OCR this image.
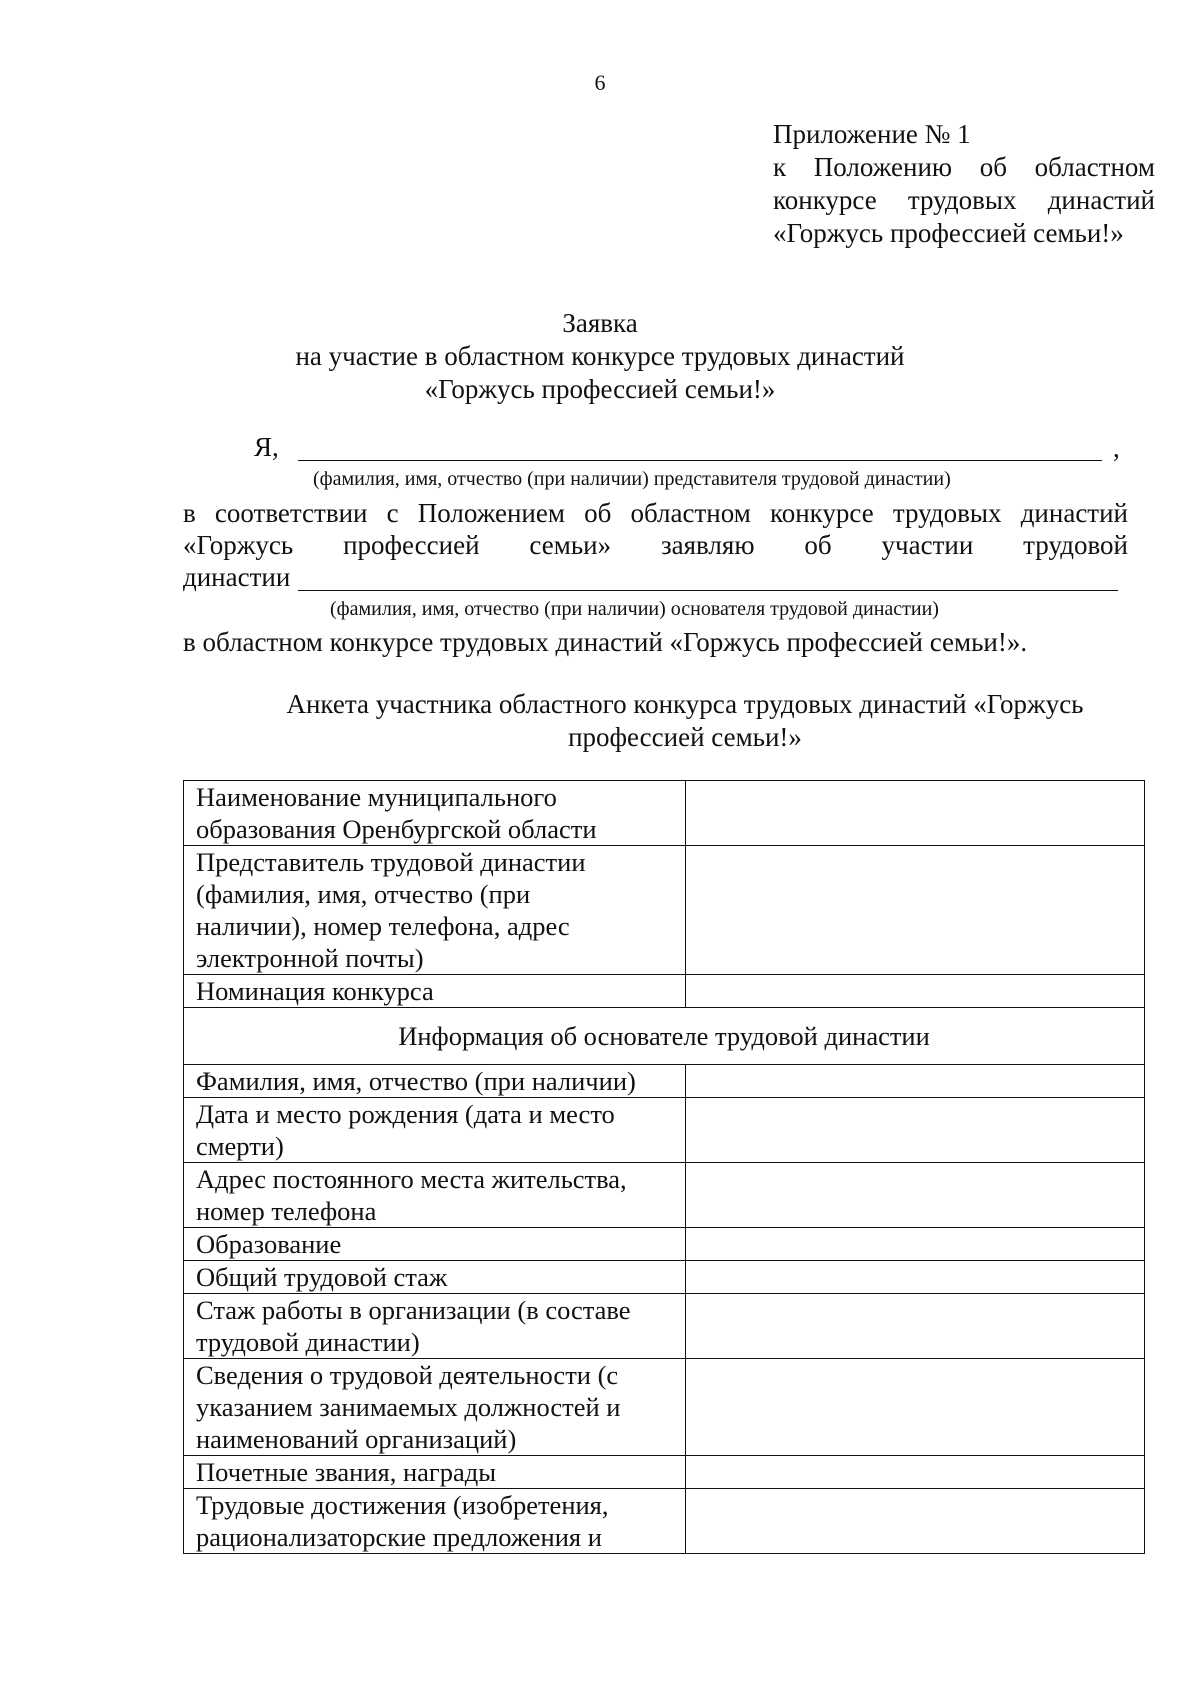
6
Приложение № 1
к Положению об областном
конкурсе трудовых династий
«Горжусь профессией семьи!»
Заявка
на участие в областном конкурсе трудовых династий
«Горжусь профессией семьи!»
Я,	,
(фамилия, имя, отчество (при наличии) представителя трудовой династии)
в соответствии с Положением об областном конкурсе трудовых династий
«Горжусь профессией семьи» заявляю об участии трудовой
династии
(фамилия, имя, отчество (при наличии) основателя трудовой династии)
в областном конкурсе трудовых династий «Горжусь профессией семьи!».
Анкета участника областного конкурса трудовых династий «Горжусь
профессией семьи!»
Наименование муниципального
образования Оренбургской области	

Представитель трудовой династии
(фамилия, имя, отчество (при
наличии), номер телефона, адрес
электронной почты)	

Номинация конкурса	

Информация об основателе трудовой династии	

Фамилия, имя, отчество (при наличии)	

Дата и место рождения (дата и место
смерти)	

Адрес постоянного места жительства,
номер телефона	

Образование	

Общий трудовой стаж	

Стаж работы в организации (в составе
трудовой династии)	

Сведения о трудовой деятельности (с
указанием занимаемых должностей и
наименований организаций)	

Почетные звания, награды	

Трудовые достижения (изобретения,
рационализаторские предложения и	
